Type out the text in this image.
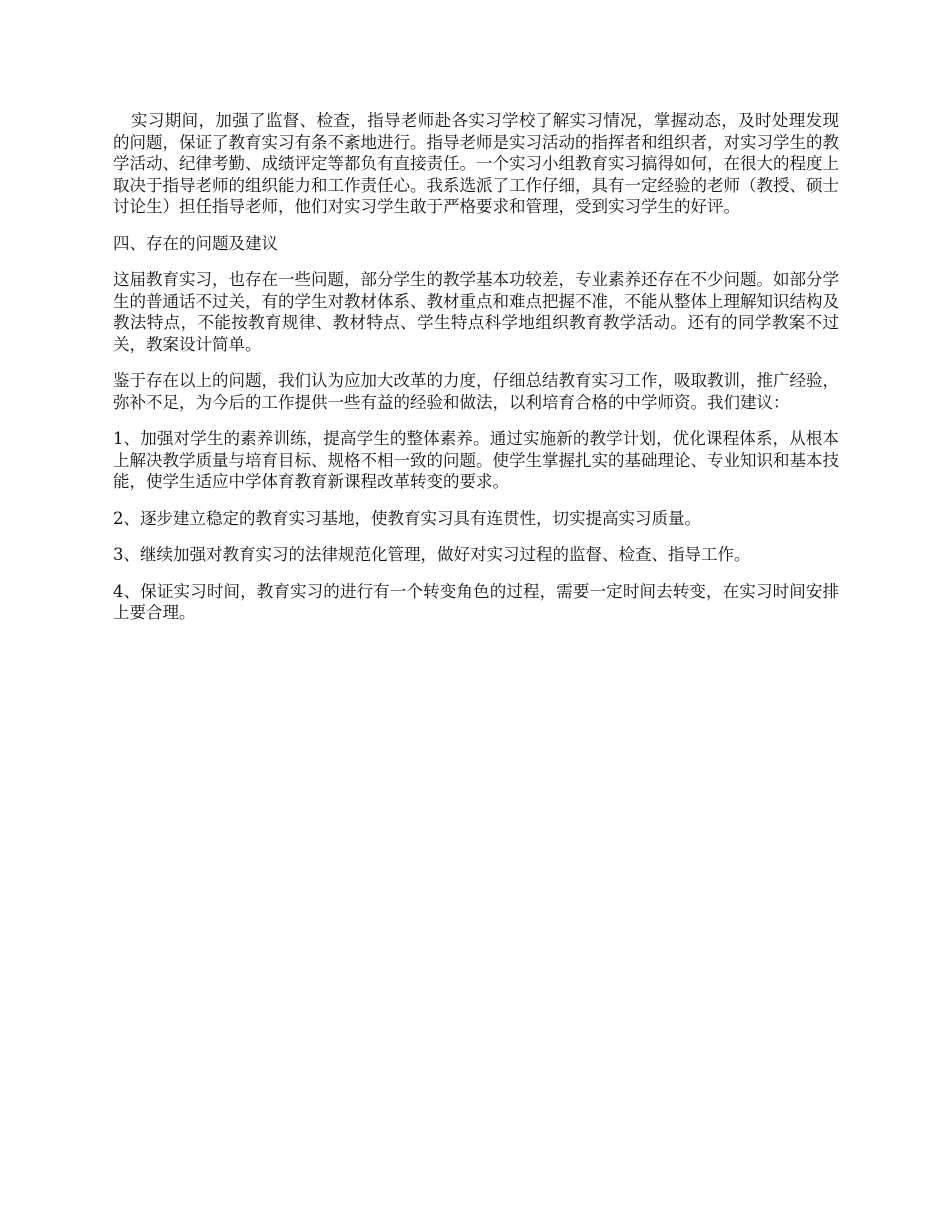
实习期间，加强了监督、检查，指导老师赴各实习学校了解实习情况，掌握动态，及时处理发现的问题，保证了教育实习有条不紊地进行。指导老师是实习活动的指挥者和组织者，对实习学生的教学活动、纪律考勤、成绩评定等都负有直接责任。一个实习小组教育实习搞得如何，在很大的程度上取决于指导老师的组织能力和工作责任心。我系选派了工作仔细，具有一定经验的老师（教授、硕士讨论生）担任指导老师，他们对实习学生敢于严格要求和管理，受到实习学生的好评。

四、存在的问题及建议

这届教育实习，也存在一些问题，部分学生的教学基本功较差，专业素养还存在不少问题。如部分学生的普通话不过关，有的学生对教材体系、教材重点和难点把握不准，不能从整体上理解知识结构及教法特点，不能按教育规律、教材特点、学生特点科学地组织教育教学活动。还有的同学教案不过关，教案设计简单。

鉴于存在以上的问题，我们认为应加大改革的力度，仔细总结教育实习工作，吸取教训，推广经验，弥补不足，为今后的工作提供一些有益的经验和做法，以利培育合格的中学师资。我们建议：

1、加强对学生的素养训练，提高学生的整体素养。通过实施新的教学计划，优化课程体系，从根本上解决教学质量与培育目标、规格不相一致的问题。使学生掌握扎实的基础理论、专业知识和基本技能，使学生适应中学体育教育新课程改革转变的要求。

2、逐步建立稳定的教育实习基地，使教育实习具有连贯性，切实提高实习质量。

3、继续加强对教育实习的法律规范化管理，做好对实习过程的监督、检查、指导工作。

4、保证实习时间，教育实习的进行有一个转变角色的过程，需要一定时间去转变，在实习时间安排上要合理。
